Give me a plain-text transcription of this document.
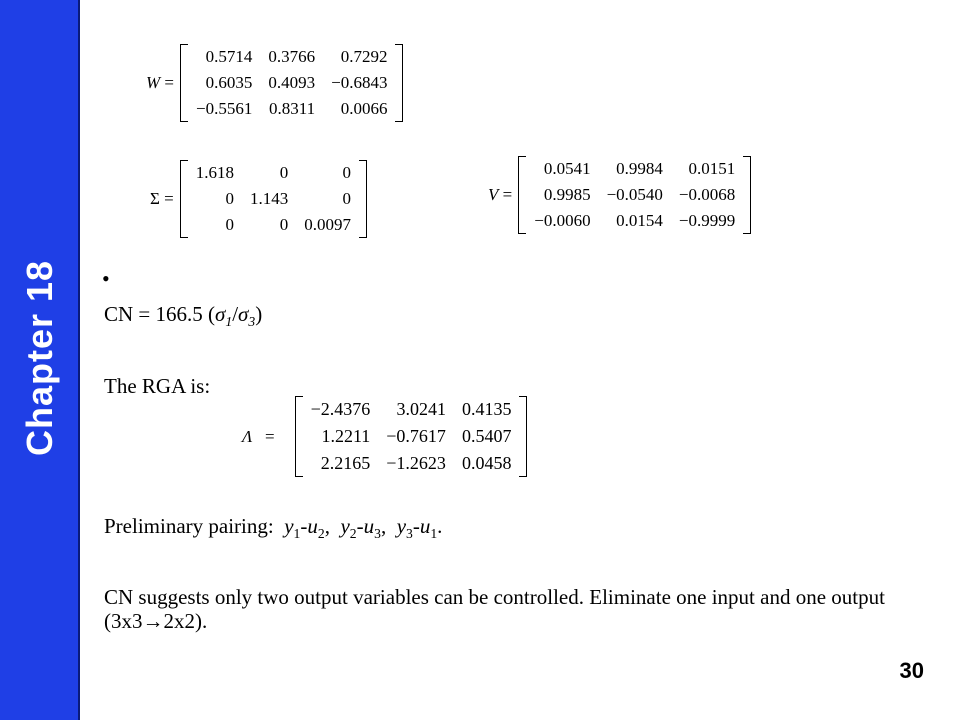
Chapter 18
W =
0.5714	0.3766	0.7292
0.6035	0.4093	−0.6843
−0.5561	0.8311	0.0066
Σ =
1.618	0	0
0	1.143	0
0	0	0.0097
V =
0.0541	0.9984	0.0151
0.9985	−0.0540	−0.0068
−0.0060	0.0154	−0.9999
•
CN = 166.5 $(\sigma_1/\sigma_3)$
The RGA is:
Λ   =
−2.4376	3.0241	0.4135
1.2211	−0.7617	0.5407
2.2165	−1.2623	0.0458
Preliminary pairing: $y_1-u_2$, $y_2-u_3$, $y_3-u_1$.
CN suggests only two output variables can be controlled. Eliminate one input and one output (3x3→2x2).
30
